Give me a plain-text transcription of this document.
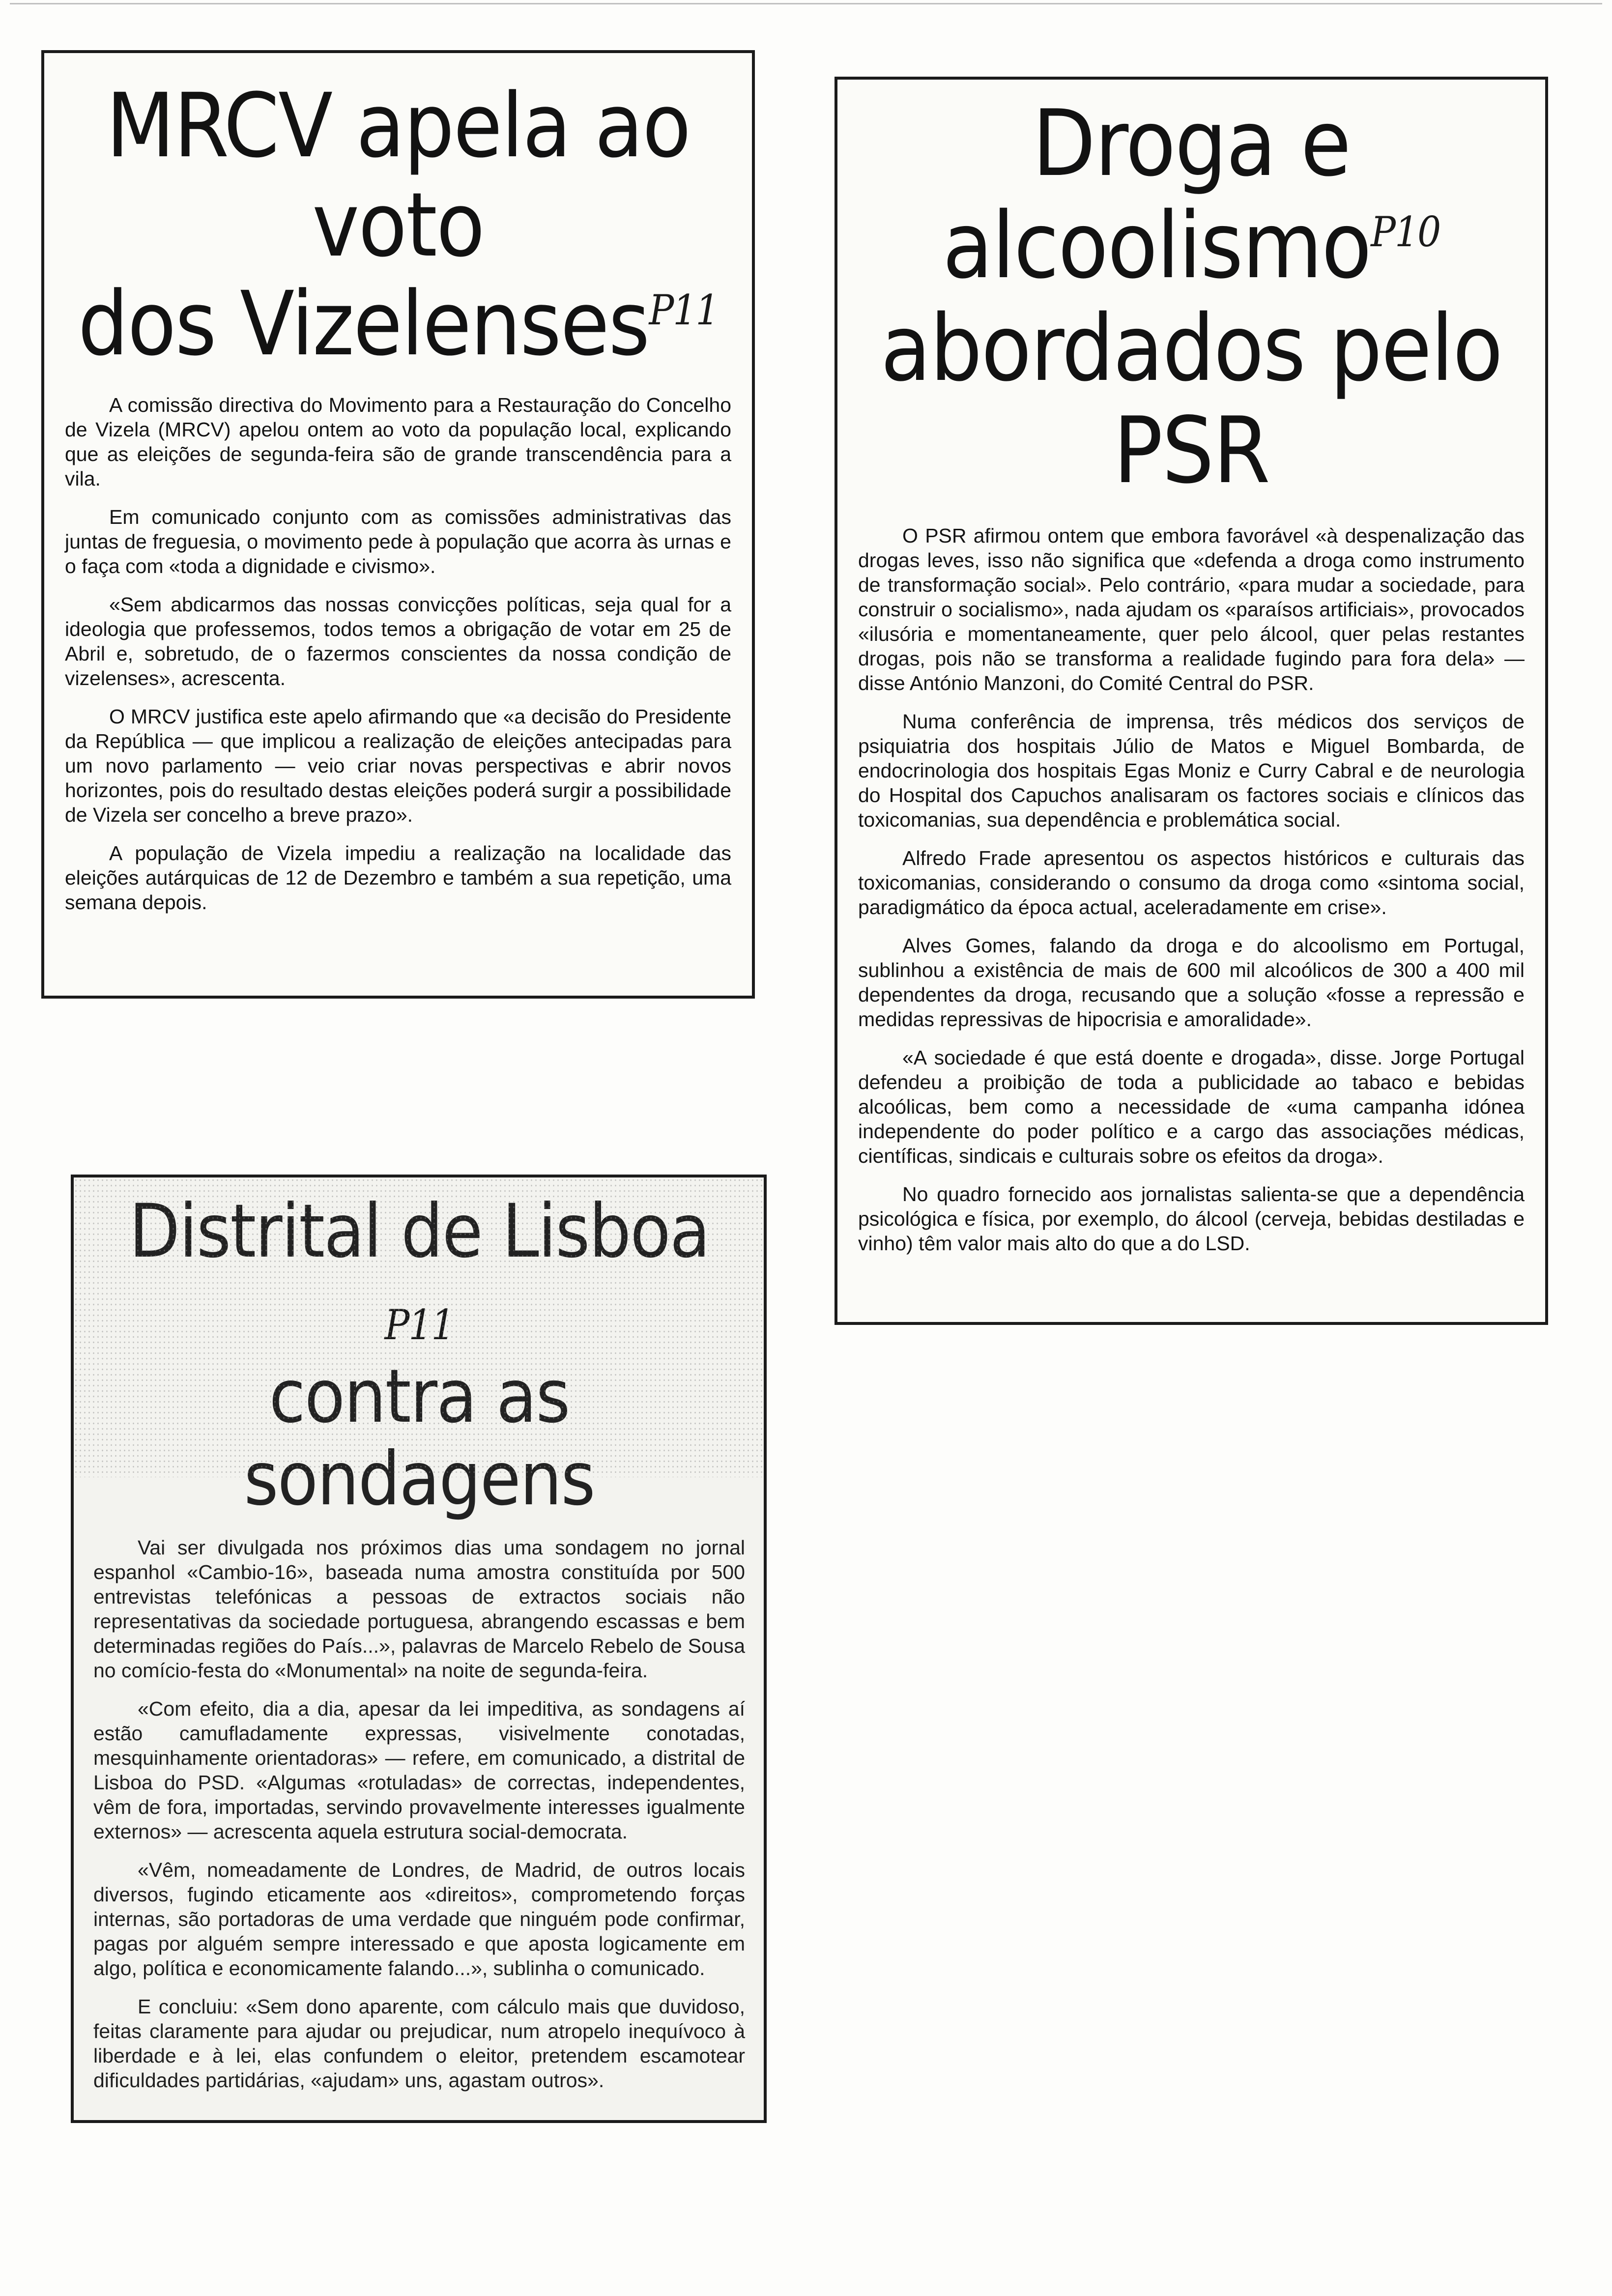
MRCV apela ao voto
dos Vizelenses$^{P11}$

A comissão directiva do Movimento para a Restauração do Concelho de Vizela (MRCV) apelou ontem ao voto da população local, explicando que as eleições de segunda-feira são de grande transcendência para a vila.

Em comunicado conjunto com as comissões administrativas das juntas de freguesia, o movimento pede à população que acorra às urnas e o faça com «toda a dignidade e civismo».

«Sem abdicarmos das nossas convicções políticas, seja qual for a ideologia que professemos, todos temos a obrigação de votar em 25 de Abril e, sobretudo, de o fazermos conscientes da nossa condição de vizelenses», acrescenta.

O MRCV justifica este apelo afirmando que «a decisão do Presidente da República — que implicou a realização de eleições antecipadas para um novo parlamento — veio criar novas perspectivas e abrir novos horizontes, pois do resultado destas eleições poderá surgir a possibilidade de Vizela ser concelho a breve prazo».

A população de Vizela impediu a realização na localidade das eleições autárquicas de 12 de Dezembro e também a sua repetição, uma semana depois.

Droga e alcoolismo$^{P10}$
abordados pelo PSR

O PSR afirmou ontem que embora favorável «à despenalização das drogas leves, isso não significa que «defenda a droga como instrumento de transformação social». Pelo contrário, «para mudar a sociedade, para construir o socialismo», nada ajudam os «paraísos artificiais», provocados «ilusória e momentaneamente, quer pelo álcool, quer pelas restantes drogas, pois não se transforma a realidade fugindo para fora dela» — disse António Manzoni, do Comité Central do PSR.

Numa conferência de imprensa, três médicos dos serviços de psiquiatria dos hospitais Júlio de Matos e Miguel Bombarda, de endocrinologia dos hospitais Egas Moniz e Curry Cabral e de neurologia do Hospital dos Capuchos analisaram os factores sociais e clínicos das toxicomanias, sua dependência e problemática social.

Alfredo Frade apresentou os aspectos históricos e culturais das toxicomanias, considerando o consumo da droga como «sintoma social, paradigmático da época actual, aceleradamente em crise».

Alves Gomes, falando da droga e do alcoolismo em Portugal, sublinhou a existência de mais de 600 mil alcoólicos de 300 a 400 mil dependentes da droga, recusando que a solução «fosse a repressão e medidas repressivas de hipocrisia e amoralidade».

«A sociedade é que está doente e drogada», disse. Jorge Portugal defendeu a proibição de toda a publicidade ao tabaco e bebidas alcoólicas, bem como a necessidade de «uma campanha idónea independente do poder político e a cargo das associações médicas, científicas, sindicais e culturais sobre os efeitos da droga».

No quadro fornecido aos jornalistas salienta-se que a dependência psicológica e física, por exemplo, do álcool (cerveja, bebidas destiladas e vinho) têm valor mais alto do que a do LSD.

Distrital de Lisboa P11
contra as sondagens

Vai ser divulgada nos próximos dias uma sondagem no jornal espanhol «Cambio-16», baseada numa amostra constituída por 500 entrevistas telefónicas a pessoas de extractos sociais não representativas da sociedade portuguesa, abrangendo escassas e bem determinadas regiões do País...», palavras de Marcelo Rebelo de Sousa no comício-festa do «Monumental» na noite de segunda-feira.

«Com efeito, dia a dia, apesar da lei impeditiva, as sondagens aí estão camufladamente expressas, visivelmente conotadas, mesquinhamente orientadoras» — refere, em comunicado, a distrital de Lisboa do PSD. «Algumas «rotuladas» de correctas, independentes, vêm de fora, importadas, servindo provavelmente interesses igualmente externos» — acrescenta aquela estrutura social-democrata.

«Vêm, nomeadamente de Londres, de Madrid, de outros locais diversos, fugindo eticamente aos «direitos», comprometendo forças internas, são portadoras de uma verdade que ninguém pode confirmar, pagas por alguém sempre interessado e que aposta logicamente em algo, política e economicamente falando...», sublinha o comunicado.

E concluiu: «Sem dono aparente, com cálculo mais que duvidoso, feitas claramente para ajudar ou prejudicar, num atropelo inequívoco à liberdade e à lei, elas confundem o eleitor, pretendem escamotear dificuldades partidárias, «ajudam» uns, agastam outros».
